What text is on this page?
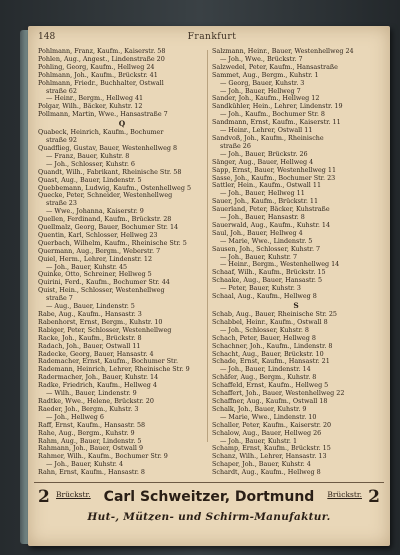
148	Frankfurt
Pohlmann, Franz, Kaufm., Kaiserstr. 58
Pohlen, Aug., Angest., Lindenstraße 20
Pohling, Georg, Kaufm., Hellweg 24
Pohlmann, Joh., Kaufm., Brückstr. 41
Pohlmann, Friedr., Buchhalter, Ostwall
straße 62
— Heinr., Bergm., Hellweg 41
Polgar, Wilh., Bäcker, Kuhstr. 12
Pollmann, Martin, Wwe., Hansastraße 7
Q
Quabeck, Heinrich, Kaufm., Bochumer
straße 92
Quadflieg, Gustav, Bauer, Westenhellweg 8
— Franz, Bauer, Kuhstr. 8
— Joh., Schlosser, Kuhstr. 6
Quandt, Wilh., Fabrikant, Rheinische Str. 58
Quast, Aug., Bauer, Lindenstr. 5
Quebbemann, Ludwig, Kaufm., Ostenhellweg 5
Quecke, Peter, Schneider, Westenhellweg
straße 23
— Wwe., Johanna, Kaiserstr. 9
Quellen, Ferdinand, Kaufm., Brückstr. 28
Quellmalz, Georg, Bauer, Bochumer Str. 14
Quentin, Karl, Schlosser, Hellweg 23
Querbach, Wilhelm, Kaufm., Rheinische Str. 5
Quermann, Aug., Bergm., Weberstr. 7
Quiel, Herm., Lehrer, Lindenstr. 12
— Joh., Bauer, Kuhstr. 45
Quinke, Otto, Schreiner, Hellweg 5
Quirini, Ferd., Kaufm., Bochumer Str. 44
Quist, Hein., Schlosser, Westenhellweg
straße 7
— Aug., Bauer, Lindenstr. 5
Rabe, Aug., Kaufm., Hansastr. 3
Rabenhorst, Ernst, Bergm., Kuhstr. 10
Rabiger, Peter, Schlosser, Westenhellweg
Racke, Joh., Kaufm., Brückstr. 8
Radach, Joh., Bauer, Ostwall 11
Radecke, Georg, Bauer, Hansastr. 4
Rademacher, Ernst, Kaufm., Bochumer Str.
Rademann, Heinrich, Lehrer, Rheinische Str. 9
Radermacher, Joh., Bauer, Kuhstr. 14
Radke, Friedrich, Kaufm., Hellweg 4
— Wilh., Bauer, Lindenstr. 9
Radtke, Wwe., Helene, Brückstr. 20
Raeder, Joh., Bergm., Kuhstr. 3
— Joh., Hellweg 6
Raff, Ernst, Kaufm., Hansastr. 58
Rahe, Aug., Bergm., Kuhstr. 9
Rahm, Aug., Bauer, Lindenstr. 5
Rahmann, Joh., Bauer, Ostwall 9
Rahmer, Wilh., Kaufm., Bochumer Str. 9
— Joh., Bauer, Kuhstr. 4
Rahn, Ernst, Kaufm., Hansastr. 8
Salzmann, Heinr., Bauer, Westenhellweg 24
— Joh., Wwe., Brückstr. 7
Salzwedel, Peter, Kaufm., Hansastraße
Sammet, Aug., Bergm., Kuhstr. 1
— Georg, Bauer, Kuhstr. 3
— Joh., Bauer, Hellweg 7
Sander, Joh., Kaufm., Hellweg 12
Sandkühler, Hein., Lehrer, Lindenstr. 19
— Joh., Kaufm., Bochumer Str. 8
Sandmann, Ernst, Kaufm., Kaiserstr. 11
— Heinr., Lehrer, Ostwall 11
Sandvoß, Joh., Kaufm., Rheinische
straße 26
— Joh., Bauer, Brückstr. 26
Sänger, Aug., Bauer, Hellweg 4
Sapp, Ernst, Bauer, Westenhellweg 11
Sasse, Joh., Kaufm., Bochumer Str. 23
Sattler, Hein., Kaufm., Ostwall 11
— Joh., Bauer, Hellweg 11
Sauer, Joh., Kaufm., Brückstr. 11
Sauerland, Peter, Bäcker, Kuhstraße
— Joh., Bauer, Hansastr. 8
Sauerwald, Aug., Kaufm., Kuhstr. 14
Saul, Joh., Bauer, Hellweg 4
— Marie, Wwe., Lindenstr. 5
Sausen, Joh., Schlosser, Kuhstr. 7
— Joh., Bauer, Kuhstr. 7
— Heinr., Bergm., Westenhellweg 14
Schaaf, Wilh., Kaufm., Brückstr. 15
Schaake, Aug., Bauer, Hansastr. 5
— Peter, Bauer, Kuhstr. 3
Schaal, Aug., Kaufm., Hellweg 8
S
Schab, Aug., Bauer, Rheinische Str. 25
Schabbel, Heinr., Kaufm., Ostwall 8
— Joh., Schlosser, Kuhstr. 8
Schach, Peter, Bauer, Hellweg 8
Schachner, Joh., Kaufm., Lindenstr. 8
Schacht, Aug., Bauer, Brückstr. 10
Schade, Ernst, Kaufm., Hansastr. 21
— Joh., Bauer, Lindenstr. 14
Schäfer, Aug., Bergm., Kuhstr. 8
Schaffeld, Ernst, Kaufm., Hellweg 5
Schaffert, Joh., Bauer, Westenhellweg 22
Schaffner, Aug., Kaufm., Ostwall 18
Schalk, Joh., Bauer, Kuhstr. 9
— Marie, Wwe., Lindenstr. 10
Schaller, Peter, Kaufm., Kaiserstr. 20
Schalow, Aug., Bauer, Hellweg 26
— Joh., Bauer, Kuhstr. 1
Schamp, Ernst, Kaufm., Brückstr. 15
Schanz, Wilh., Lehrer, Hansastr. 13
Schaper, Joh., Bauer, Kuhstr. 4
Schardt, Aug., Kaufm., Hellweg 8
2 Brückstr. Carl Schweitzer, Dortmund	Brückstr. 2
Hut-, Mützen- und Schirm-Manufaktur.
